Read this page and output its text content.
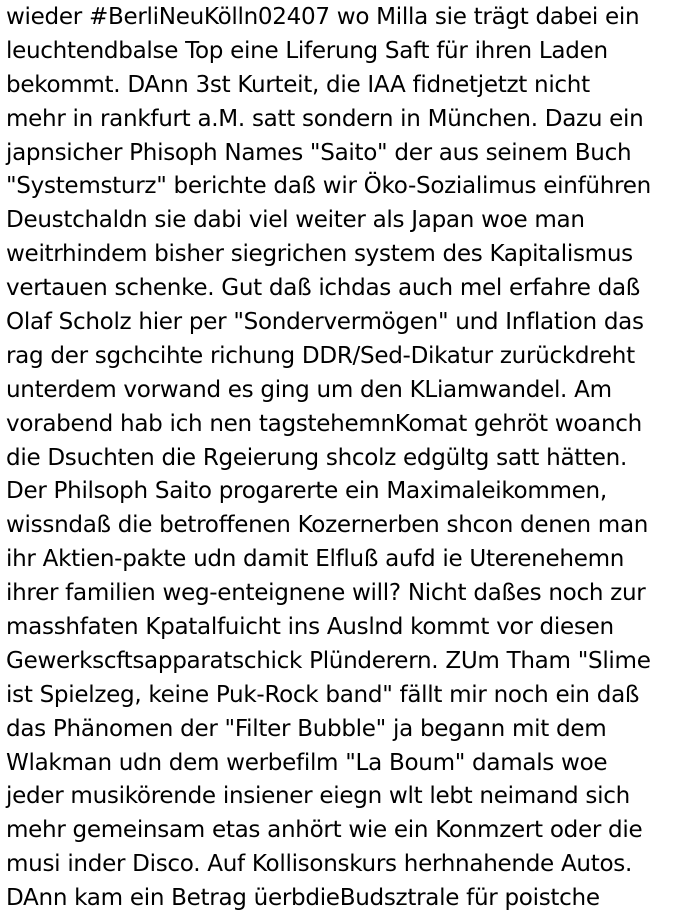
wieder #BerliNeuKölln02407 wo Milla sie trägt dabei ein
leuchtendbalse Top eine Liferung Saft für ihren Laden
bekommt. DAnn 3st Kurteit, die IAA fidnetjetzt nicht
mehr in rankfurt a.M. satt sondern in München. Dazu ein
japnsicher Phisoph Names "Saito" der aus seinem Buch
"Systemsturz" berichte daß wir Öko-Sozialimus einführen
Deustchaldn sie dabi viel weiter als Japan woe man
weitrhindem bisher siegrichen system des Kapitalismus
vertauen schenke. Gut daß ichdas auch mel erfahre daß
Olaf Scholz hier per "Sondervermögen" und Inflation das
rag der sgchcihte richung DDR/Sed-Dikatur zurückdreht
unterdem vorwand es ging um den KLiamwandel. Am
vorabend hab ich nen tagstehemnKomat gehröt woanch
die Dsuchten die Rgeierung shcolz edgültg satt hätten.
Der Philsoph Saito progarerte ein Maximaleikommen,
wissndaß die betroffenen Kozernerben shcon denen man
ihr Aktien-pakte udn damit Elfluß aufd ie Uterenehemn
ihrer familien weg-enteignene will? Nicht daßes noch zur
masshfaten Kpatalfuicht ins Auslnd kommt vor diesen
Gewerkscftsapparatschick Plünderern. ZUm Tham "Slime
ist Spielzeg, keine Puk-Rock band" fällt mir noch ein daß
das Phänomen der "Filter Bubble" ja begann mit dem
Wlakman udn dem werbefilm "La Boum" damals woe
jeder musikörende insiener eiegn wlt lebt neimand sich
mehr gemeinsam etas anhört wie ein Konmzert oder die
musi inder Disco. Auf Kollisonskurs herhnahende Autos.
DAnn kam ein Betrag üerbdieBudsztrale für poistche
